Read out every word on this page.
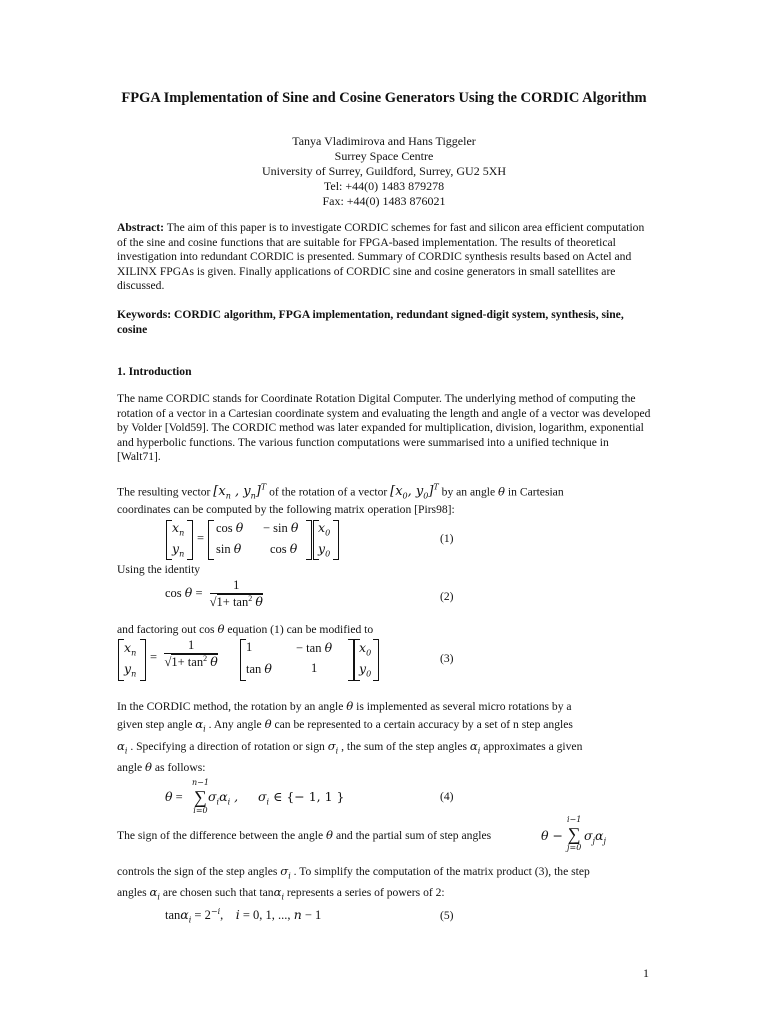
FPGA Implementation of Sine and Cosine Generators Using the CORDIC Algorithm
Tanya Vladimirova and Hans Tiggeler
Surrey Space Centre
University of Surrey, Guildford, Surrey, GU2 5XH
Tel: +44(0) 1483 879278
Fax: +44(0) 1483 876021
Abstract: The aim of this paper is to investigate CORDIC schemes for fast and silicon area efficient computation of the sine and cosine functions that are suitable for FPGA-based implementation. The results of theoretical investigation into redundant CORDIC is presented. Summary of CORDIC synthesis results based on Actel and XILINX FPGAs is given. Finally applications of CORDIC sine and cosine generators in small satellites are discussed.
Keywords: CORDIC algorithm, FPGA implementation, redundant signed-digit system, synthesis, sine, cosine
1. Introduction
The name CORDIC stands for Coordinate Rotation Digital Computer. The underlying method of computing the rotation of a vector in a Cartesian coordinate system and evaluating the length and angle of a vector was developed by Volder [Vold59]. The CORDIC method was later expanded for multiplication, division, logarithm, exponential and hyperbolic functions. The various function computations were summarised into a unified technique in [Walt71].
The resulting vector [$x_n$ , $y_n]^T$ of the rotation of a vector [$x_0$, $y_0]^T$ by an angle θ in Cartesian
coordinates can be computed by the following matrix operation [Pirs98]:
$x_n$
$y_n$
=
cos θ − sin θ
sin θ cos θ
$x_0$
$y_0$
(1)
Using the identity
$\cos \theta = \frac{1}{√1+ \tan^2 \theta}$	(2)
and factoring out cos θ equation (1) can be modified to
$x_n$
$y_n$
= $\frac{1}{√1+ \tan^2 \theta} 1$	− tan θ
tan θ	1
$x_0$
$y_0$
(3)
In the CORDIC method, the rotation by an angle θ is implemented as several micro rotations by a
given step angle $\alpha_i$ . Any angle θ can be represented to a certain accuracy by a set of n step angles
$\alpha_i$ . Specifying a direction of rotation or sign $\sigma_i$ , the sum of the step angles $\alpha_i$ approximates a given
angle θ as follows:
θ =
n−1
∑
i=0
$\sigma_i\alpha_i$ , $\sigma_i$ ∈ {− 1, 1 }	(4)
The sign of the difference between the angle θ and the partial sum of step angles	θ −
i−1
∑
j=0
$\sigma_j\alpha_j$
controls the sign of the step angles $\sigma_i$ . To simplify the computation of the matrix product (3), the step
angles $\alpha_i$ are chosen such that tanα$_i$ represents a series of powers of 2:
$\tan\alpha_i = 2^{-i}$,    i = 0, 1, ..., n − 1	(5)
1
